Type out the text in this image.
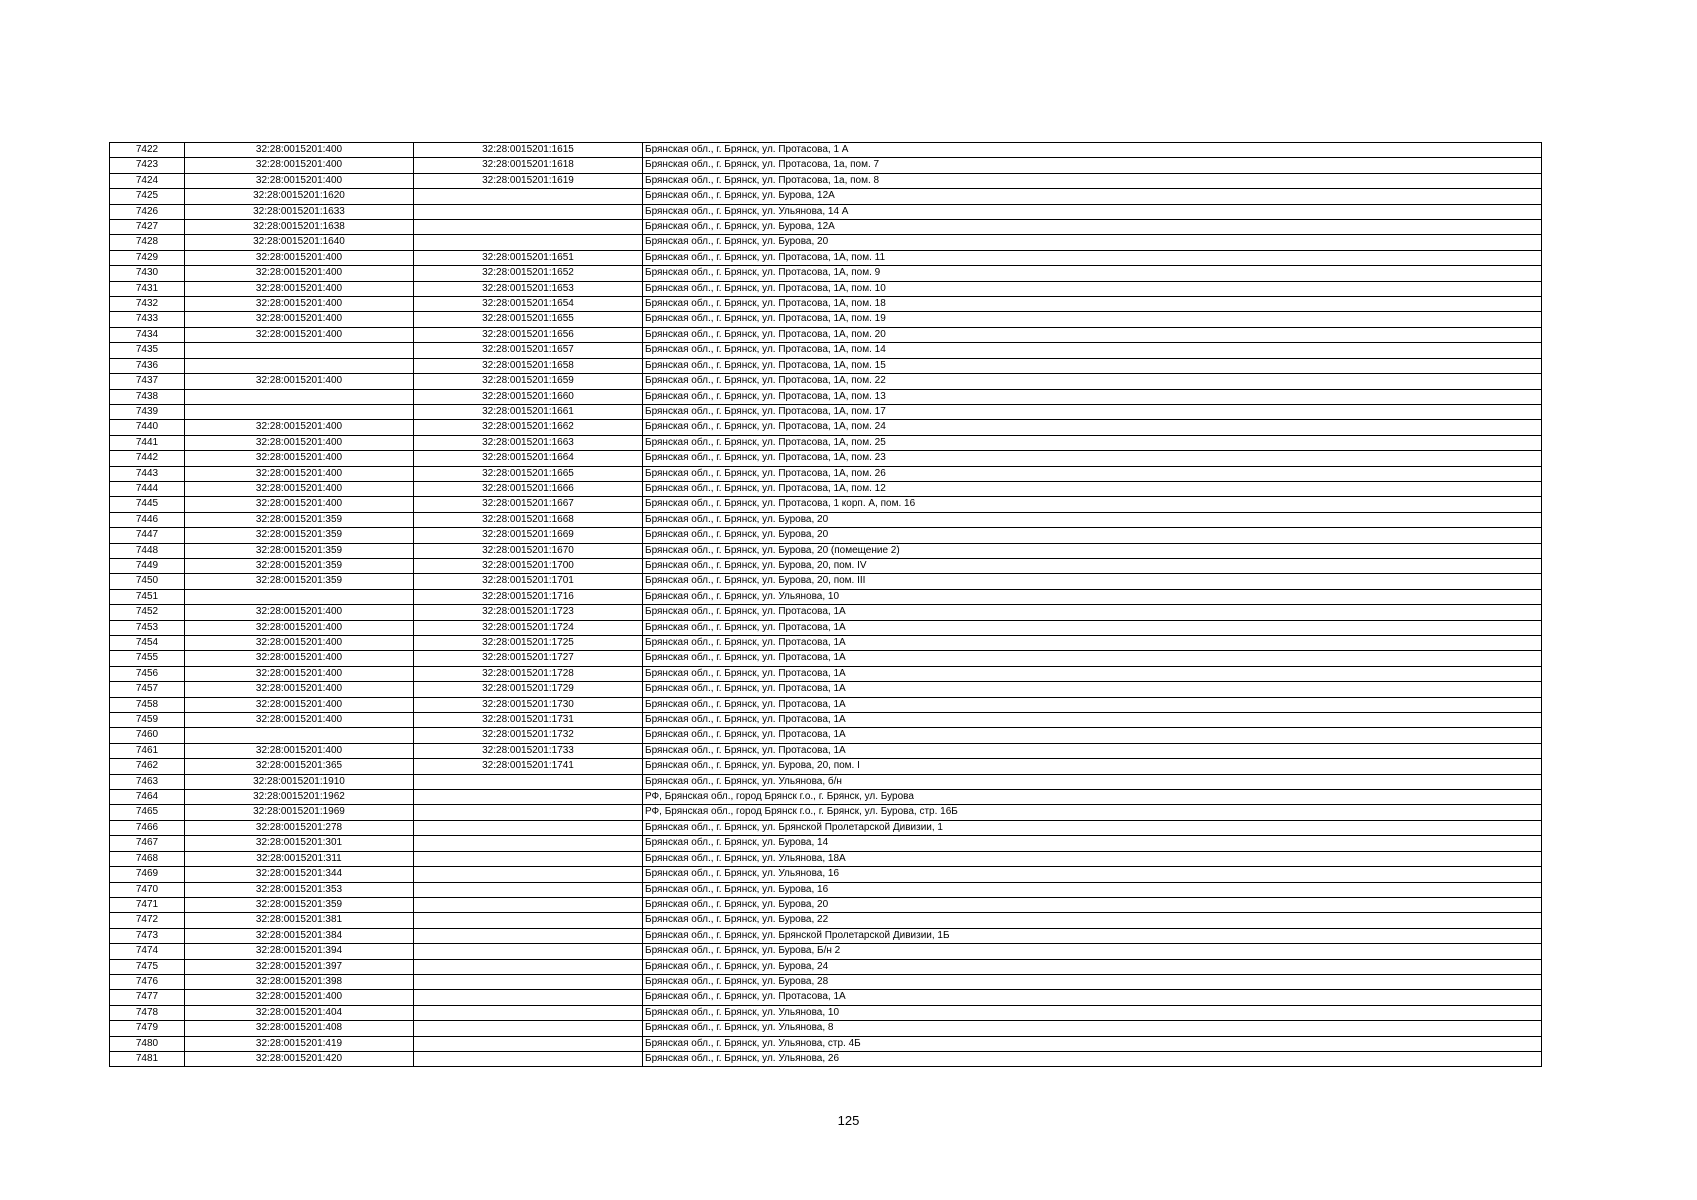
7422	32:28:0015201:400	32:28:0015201:1615	Брянская обл., г. Брянск, ул. Протасова, 1 А
7423	32:28:0015201:400	32:28:0015201:1618	Брянская обл., г. Брянск, ул. Протасова, 1а, пом. 7
7424	32:28:0015201:400	32:28:0015201:1619	Брянская обл., г. Брянск, ул. Протасова, 1а, пом. 8
7425	32:28:0015201:1620		Брянская обл., г. Брянск, ул. Бурова, 12А
7426	32:28:0015201:1633		Брянская обл., г. Брянск, ул. Ульянова, 14 А
7427	32:28:0015201:1638		Брянская обл., г. Брянск, ул. Бурова, 12А
7428	32:28:0015201:1640		Брянская обл., г. Брянск, ул. Бурова, 20
7429	32:28:0015201:400	32:28:0015201:1651	Брянская обл., г. Брянск, ул. Протасова, 1А, пом. 11
7430	32:28:0015201:400	32:28:0015201:1652	Брянская обл., г. Брянск, ул. Протасова, 1А, пом. 9
7431	32:28:0015201:400	32:28:0015201:1653	Брянская обл., г. Брянск, ул. Протасова, 1А, пом. 10
7432	32:28:0015201:400	32:28:0015201:1654	Брянская обл., г. Брянск, ул. Протасова, 1А, пом. 18
7433	32:28:0015201:400	32:28:0015201:1655	Брянская обл., г. Брянск, ул. Протасова, 1А, пом. 19
7434	32:28:0015201:400	32:28:0015201:1656	Брянская обл., г. Брянск, ул. Протасова, 1А, пом. 20
7435		32:28:0015201:1657	Брянская обл., г. Брянск, ул. Протасова, 1А, пом. 14
7436		32:28:0015201:1658	Брянская обл., г. Брянск, ул. Протасова, 1А, пом. 15
7437	32:28:0015201:400	32:28:0015201:1659	Брянская обл., г. Брянск, ул. Протасова, 1А, пом. 22
7438		32:28:0015201:1660	Брянская обл., г. Брянск, ул. Протасова, 1А, пом. 13
7439		32:28:0015201:1661	Брянская обл., г. Брянск, ул. Протасова, 1А, пом. 17
7440	32:28:0015201:400	32:28:0015201:1662	Брянская обл., г. Брянск, ул. Протасова, 1А, пом. 24
7441	32:28:0015201:400	32:28:0015201:1663	Брянская обл., г. Брянск, ул. Протасова, 1А, пом. 25
7442	32:28:0015201:400	32:28:0015201:1664	Брянская обл., г. Брянск, ул. Протасова, 1А, пом. 23
7443	32:28:0015201:400	32:28:0015201:1665	Брянская обл., г. Брянск, ул. Протасова, 1А, пом. 26
7444	32:28:0015201:400	32:28:0015201:1666	Брянская обл., г. Брянск, ул. Протасова, 1А, пом. 12
7445	32:28:0015201:400	32:28:0015201:1667	Брянская обл., г. Брянск, ул. Протасова, 1 корп. А, пом. 16
7446	32:28:0015201:359	32:28:0015201:1668	Брянская обл., г. Брянск, ул. Бурова, 20
7447	32:28:0015201:359	32:28:0015201:1669	Брянская обл., г. Брянск, ул. Бурова, 20
7448	32:28:0015201:359	32:28:0015201:1670	Брянская обл., г. Брянск, ул. Бурова, 20 (помещение 2)
7449	32:28:0015201:359	32:28:0015201:1700	Брянская обл., г. Брянск, ул. Бурова, 20, пом. IV
7450	32:28:0015201:359	32:28:0015201:1701	Брянская обл., г. Брянск, ул. Бурова, 20, пом. III
7451		32:28:0015201:1716	Брянская обл., г. Брянск, ул. Ульянова, 10
7452	32:28:0015201:400	32:28:0015201:1723	Брянская обл., г. Брянск, ул. Протасова, 1А
7453	32:28:0015201:400	32:28:0015201:1724	Брянская обл., г. Брянск, ул. Протасова, 1А
7454	32:28:0015201:400	32:28:0015201:1725	Брянская обл., г. Брянск, ул. Протасова, 1А
7455	32:28:0015201:400	32:28:0015201:1727	Брянская обл., г. Брянск, ул. Протасова, 1А
7456	32:28:0015201:400	32:28:0015201:1728	Брянская обл., г. Брянск, ул. Протасова, 1А
7457	32:28:0015201:400	32:28:0015201:1729	Брянская обл., г. Брянск, ул. Протасова, 1А
7458	32:28:0015201:400	32:28:0015201:1730	Брянская обл., г. Брянск, ул. Протасова, 1А
7459	32:28:0015201:400	32:28:0015201:1731	Брянская обл., г. Брянск, ул. Протасова, 1А
7460		32:28:0015201:1732	Брянская обл., г. Брянск, ул. Протасова, 1А
7461	32:28:0015201:400	32:28:0015201:1733	Брянская обл., г. Брянск, ул. Протасова, 1А
7462	32:28:0015201:365	32:28:0015201:1741	Брянская обл., г. Брянск, ул. Бурова, 20, пом. I
7463	32:28:0015201:1910		Брянская обл., г. Брянск, ул. Ульянова, б/н
7464	32:28:0015201:1962		РФ, Брянская обл., город Брянск г.о., г. Брянск, ул. Бурова
7465	32:28:0015201:1969		РФ, Брянская обл., город Брянск г.о., г. Брянск, ул. Бурова, стр. 16Б
7466	32:28:0015201:278		Брянская обл., г. Брянск, ул. Брянской Пролетарской Дивизии, 1
7467	32:28:0015201:301		Брянская обл., г. Брянск, ул. Бурова, 14
7468	32:28:0015201:311		Брянская обл., г. Брянск, ул. Ульянова, 18А
7469	32:28:0015201:344		Брянская обл., г. Брянск, ул. Ульянова, 16
7470	32:28:0015201:353		Брянская обл., г. Брянск, ул. Бурова, 16
7471	32:28:0015201:359		Брянская обл., г. Брянск, ул. Бурова, 20
7472	32:28:0015201:381		Брянская обл., г. Брянск, ул. Бурова, 22
7473	32:28:0015201:384		Брянская обл., г. Брянск, ул. Брянской Пролетарской Дивизии, 1Б
7474	32:28:0015201:394		Брянская обл., г. Брянск, ул. Бурова, Б/н 2
7475	32:28:0015201:397		Брянская обл., г. Брянск, ул. Бурова, 24
7476	32:28:0015201:398		Брянская обл., г. Брянск, ул. Бурова, 28
7477	32:28:0015201:400		Брянская обл., г. Брянск, ул. Протасова, 1А
7478	32:28:0015201:404		Брянская обл., г. Брянск, ул. Ульянова, 10
7479	32:28:0015201:408		Брянская обл., г. Брянск, ул. Ульянова, 8
7480	32:28:0015201:419		Брянская обл., г. Брянск, ул. Ульянова, стр. 4Б
7481	32:28:0015201:420		Брянская обл., г. Брянск, ул. Ульянова, 26
125
